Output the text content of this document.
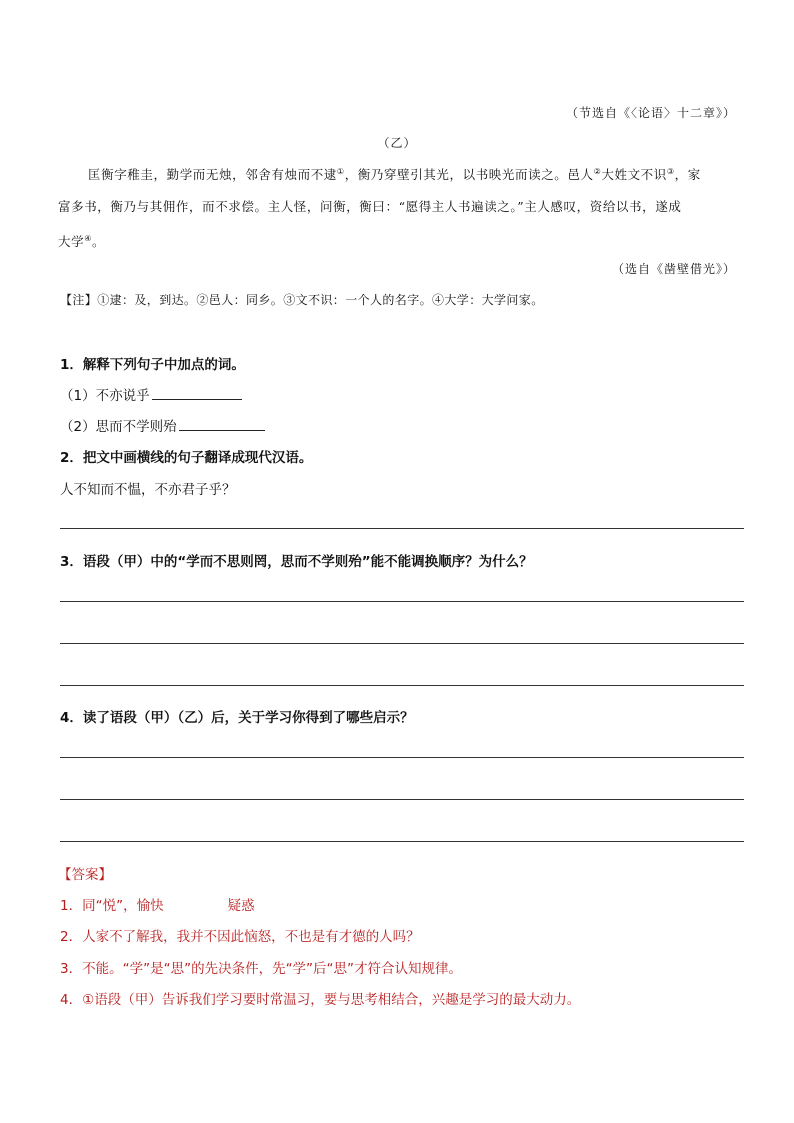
（节选自《〈论语〉十二章》）
（乙）
匡衡字稚圭，勤学而无烛，邻舍有烛而不逮①，衡乃穿壁引其光，以书映光而读之。邑人②大姓文不识③，家
富多书，衡乃与其佣作，而不求偿。主人怪，问衡，衡曰：“愿得主人书遍读之。”主人感叹，资给以书，遂成
大学④。
（选自《凿壁借光》）
【注】①逮：及，到达。②邑人：同乡。③文不识：一个人的名字。④大学：大学问家。
1．解释下列句子中加点的词。
（1）不亦说乎
（2）思而不学则殆
2．把文中画横线的句子翻译成现代汉语。
人不知而不愠，不亦君子乎？
3．语段（甲）中的“学而不思则罔，思而不学则殆”能不能调换顺序？为什么？
4．读了语段（甲）（乙）后，关于学习你得到了哪些启示？
【答案】
1．同“悦”，愉快	疑惑
2．人家不了解我，我并不因此恼怒，不也是有才德的人吗？
3．不能。“学”是“思”的先决条件，先“学”后“思”才符合认知规律。
4．①语段（甲）告诉我们学习要时常温习，要与思考相结合，兴趣是学习的最大动力。
